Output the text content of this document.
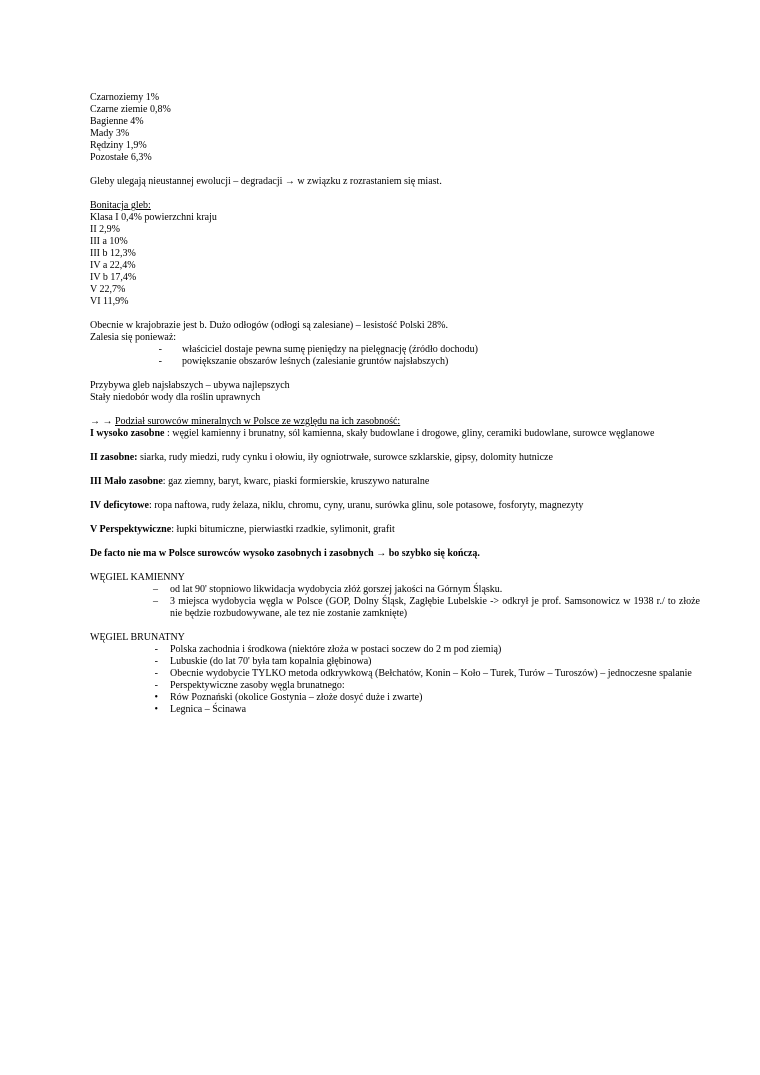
Czarnoziemy 1%
Czarne ziemie 0,8%
Bagienne 4%
Mady 3%
Rędziny 1,9%
Pozostałe 6,3%
Gleby ulegają nieustannej ewolucji – degradacji → w związku z rozrastaniem się miast.
Bonitacja gleb:
Klasa I 0,4% powierzchni kraju
II 2,9%
III a 10%
III b 12,3%
IV a 22,4%
IV b 17,4%
V 22,7%
VI 11,9%
Obecnie w krajobrazie jest b. Dużo odłogów (odłogi są zalesiane) – lesistość Polski 28%.
Zalesia się ponieważ:
-	właściciel dostaje pewna sumę pieniędzy na pielęgnację (źródło dochodu)
-	powiększanie obszarów leśnych (zalesianie gruntów najsłabszych)
Przybywa gleb najsłabszych – ubywa najlepszych
Stały niedobór wody dla roślin uprawnych
→ → Podział surowców mineralnych w Polsce ze względu na ich zasobność:
I wysoko zasobne : węgiel kamienny i brunatny, sól kamienna, skały budowlane i drogowe, gliny, ceramiki budowlane, surowce węglanowe
II zasobne: siarka, rudy miedzi, rudy cynku i ołowiu, iły ogniotrwałe, surowce szklarskie, gipsy, dolomity hutnicze
III Mało zasobne: gaz ziemny, baryt, kwarc, piaski formierskie, kruszywo naturalne
IV deficytowe: ropa naftowa, rudy żelaza, niklu, chromu, cyny, uranu, surówka glinu, sole potasowe, fosforyty, magnezyty
V Perspektywiczne: łupki bitumiczne, pierwiastki rzadkie, sylimonit, grafit
De facto nie ma w Polsce surowców wysoko zasobnych i zasobnych → bo szybko się kończą.
WĘGIEL KAMIENNY
–	od lat 90' stopniowo likwidacja wydobycia złóż gorszej jakości na Górnym Śląsku.
–	3 miejsca wydobycia węgla w Polsce (GOP, Dolny Śląsk, Zagłębie Lubelskie -> odkrył je prof. Samsonowicz w 1938 r./ to złoże nie będzie rozbudowywane, ale tez nie zostanie zamknięte)
WĘGIEL BRUNATNY
-	Polska zachodnia i środkowa (niektóre złoża w postaci soczew do 2 m pod ziemią)
-	Lubuskie (do lat 70' była tam kopalnia głębinowa)
-	Obecnie wydobycie TYLKO metoda odkrywkową (Bełchatów, Konin – Koło – Turek, Turów – Turoszów) – jednoczesne spalanie
-	Perspektywiczne zasoby węgla brunatnego:
•	Rów Poznański (okolice Gostynia – złoże dosyć duże i zwarte)
•	Legnica – Ścinawa
